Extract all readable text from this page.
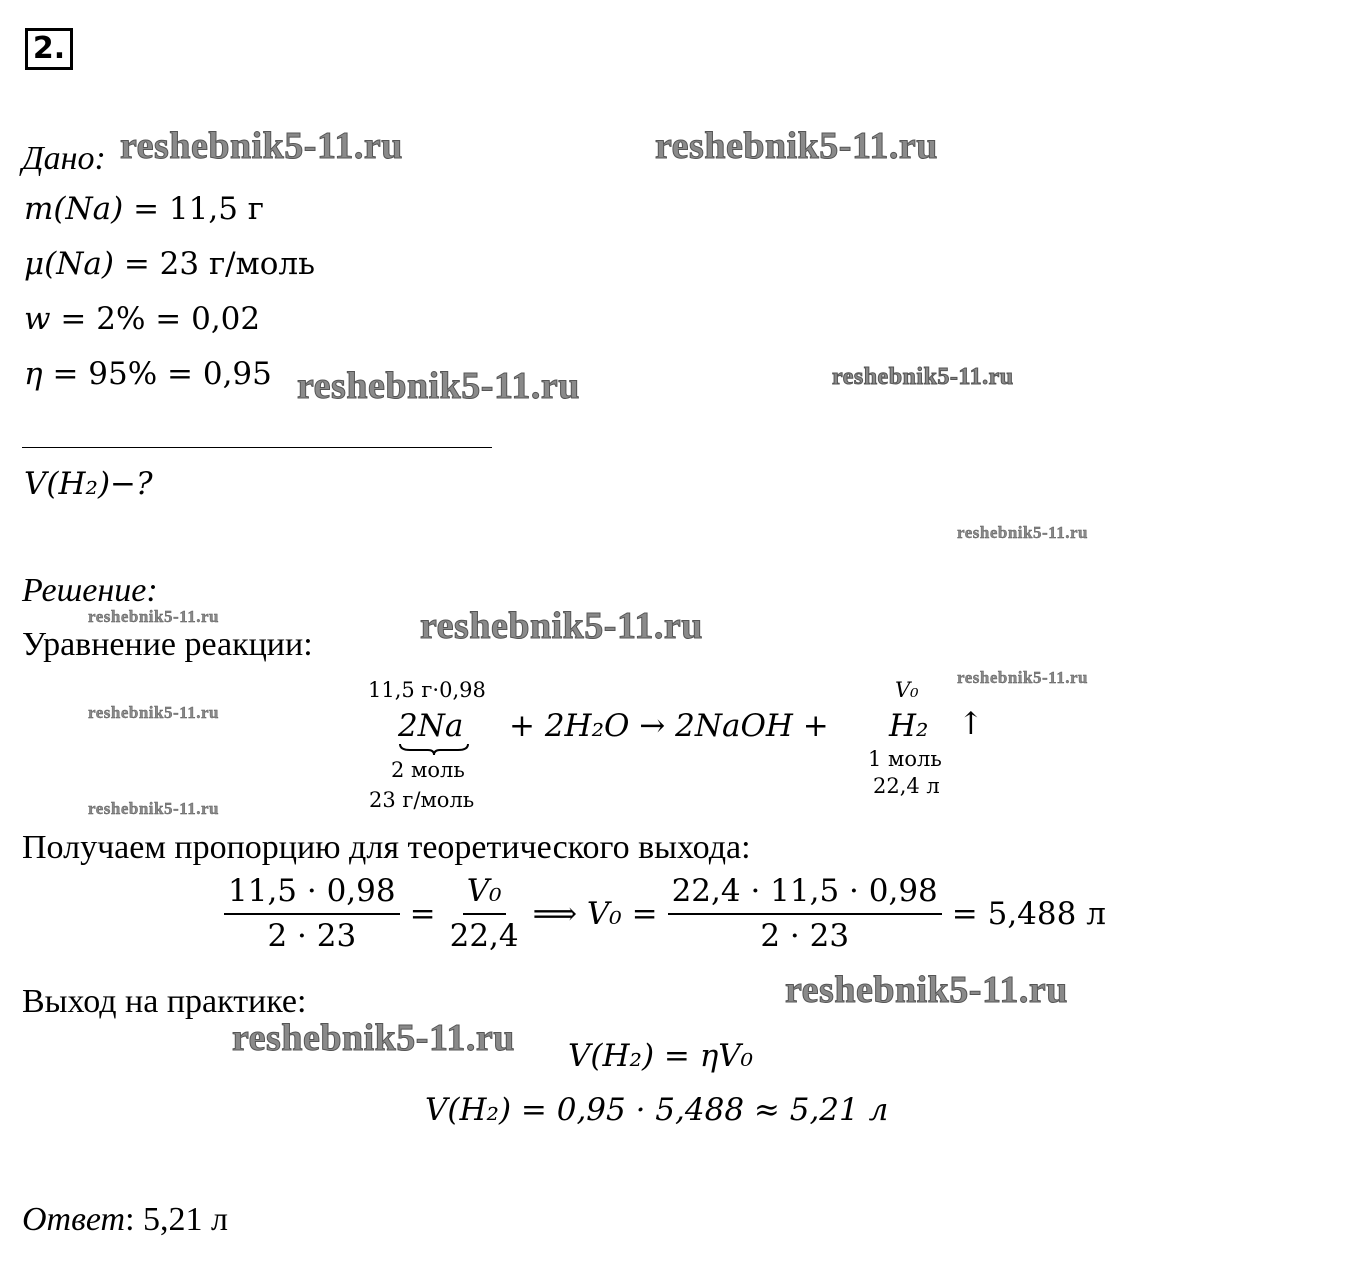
2.
Дано:
m(Na) = 11,5 г
μ(Na) = 23 г/моль
w = 2% = 0,02
η = 95% = 0,95
V(H₂)−?
Решение:
Уравнение реакции:
11,5 г·0,98
2Na
2 моль
23 г/моль
+ 2H₂O → 2NaOH +
V₀
H₂ ↑
1 моль
22,4 л
Получаем пропорцию для теоретического выхода:
$\frac{11,5 \cdot 0,98}{2 \cdot 23} = \frac{\text{V₀}}{22,4}$ ⟹ $V_0 = \frac{22,4 \cdot 11,5 \cdot 0,98}{2 \cdot 23} = 5,488$ л
Выход на практике:
V(H₂) = ηV₀
V(H₂) = 0,95 · 5,488 ≈ 5,21 л
Ответ: 5,21 л
reshebnik5-11.ru	reshebnik5-11.ru
reshebnik5-11.ru	reshebnik5-11.ru
reshebnik5-11.ru
reshebnik5-11.ru	reshebnik5-11.ru
reshebnik5-11.ru
reshebnik5-11.ru
reshebnik5-11.ru
reshebnik5-11.ru
reshebnik5-11.ru
